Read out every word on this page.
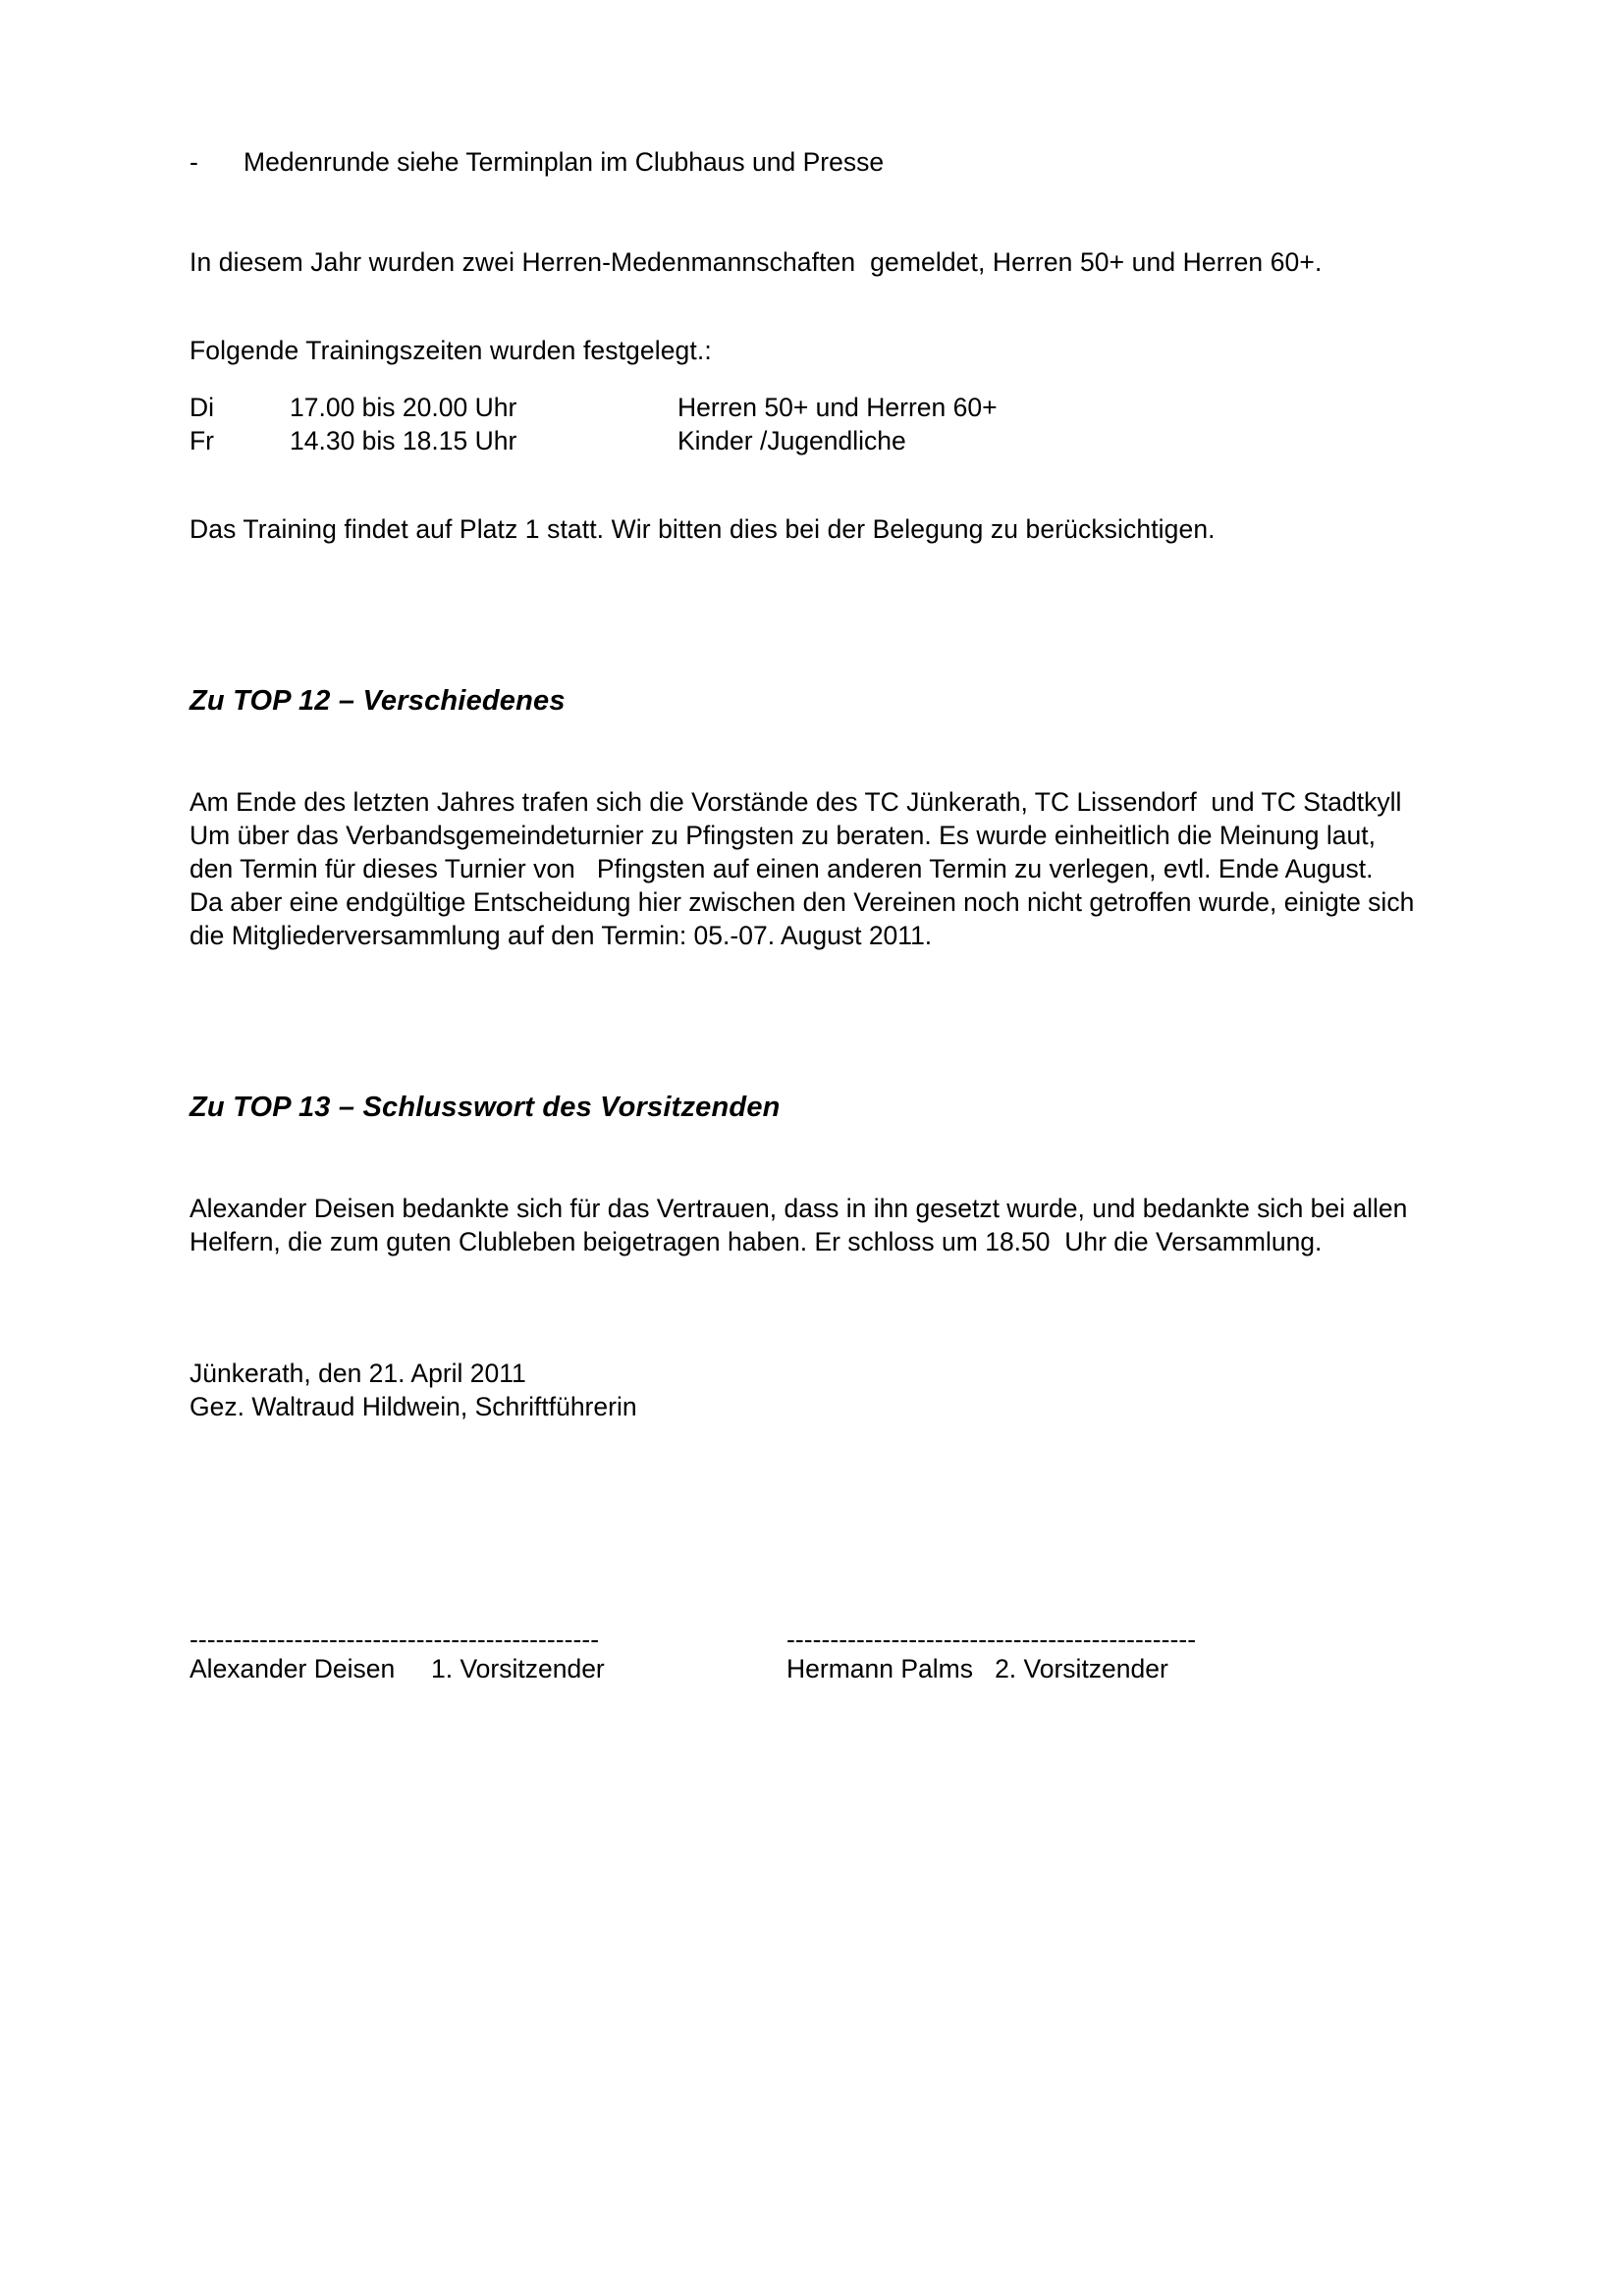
- Medenrunde siehe Terminplan im Clubhaus und Presse
In diesem Jahr wurden zwei Herren-Medenmannschaften  gemeldet, Herren 50+ und Herren 60+.
Folgende Trainingszeiten wurden festgelegt.:
Di	17.00 bis 20.00 Uhr	Herren 50+ und Herren 60+
Fr	14.30 bis 18.15 Uhr	Kinder /Jugendliche
Das Training findet auf Platz 1 statt. Wir bitten dies bei der Belegung zu berücksichtigen.
Zu TOP 12 – Verschiedenes
Am Ende des letzten Jahres trafen sich die Vorstände des TC Jünkerath, TC Lissendorf  und TC Stadtkyll
Um über das Verbandsgemeindeturnier zu Pfingsten zu beraten. Es wurde einheitlich die Meinung laut,
den Termin für dieses Turnier von   Pfingsten auf einen anderen Termin zu verlegen, evtl. Ende August.
Da aber eine endgültige Entscheidung hier zwischen den Vereinen noch nicht getroffen wurde, einigte sich
die Mitgliederversammlung auf den Termin: 05.-07. August 2011.
Zu TOP 13 – Schlusswort des Vorsitzenden
Alexander Deisen bedankte sich für das Vertrauen, dass in ihn gesetzt wurde, und bedankte sich bei allen
Helfern, die zum guten Clubleben beigetragen haben. Er schloss um 18.50  Uhr die Versammlung.
Jünkerath, den 21. April 2011
Gez. Waltraud Hildwein, Schriftführerin
-----------------------------------------------
Alexander Deisen     1. Vorsitzender
-----------------------------------------------
Hermann Palms   2. Vorsitzender
